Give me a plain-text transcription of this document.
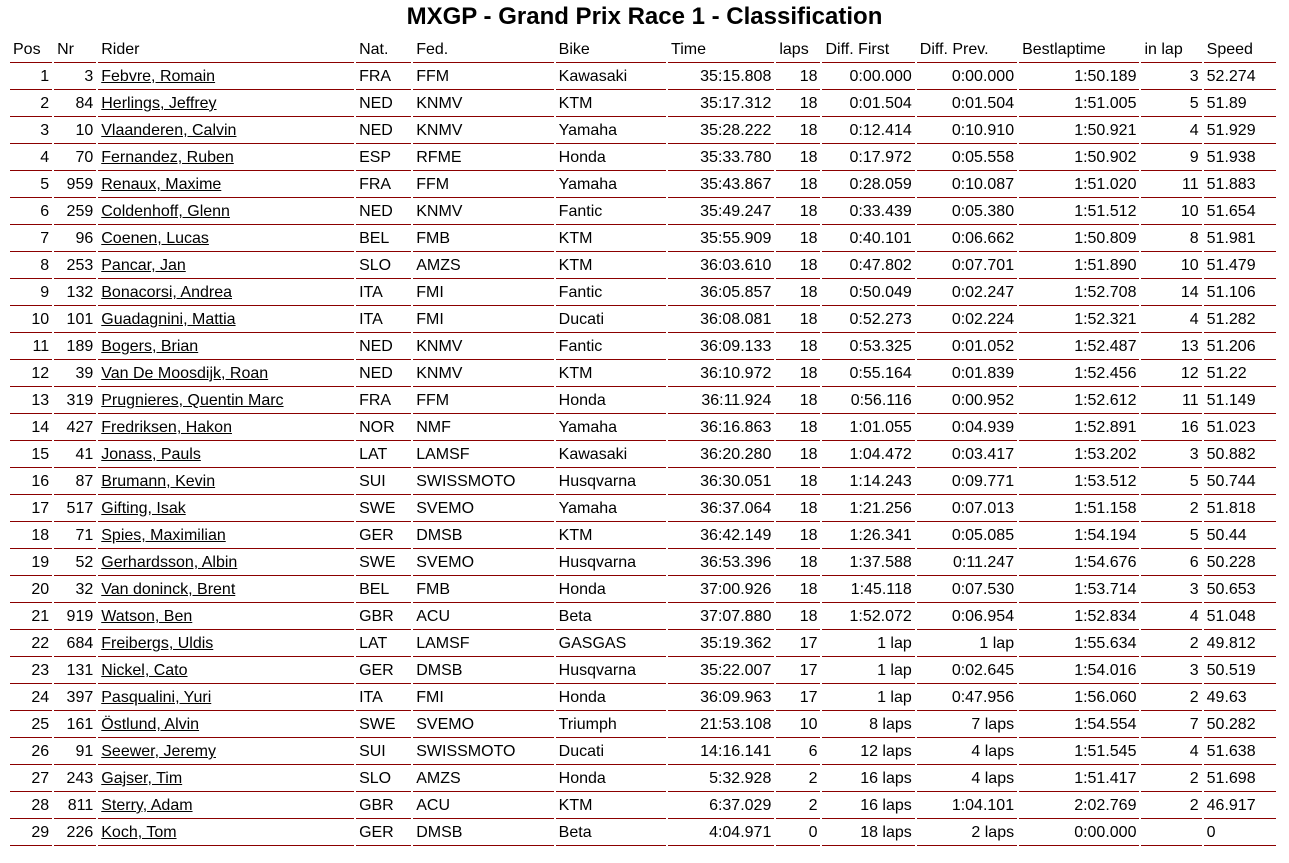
MXGP - Grand Prix Race 1 - Classification
Pos	Nr	Rider	Nat.	Fed.	Bike	Time	laps	Diff. First	Diff. Prev.	Bestlaptime	in lap	Speed
1	3	Febvre, Romain	FRA	FFM	Kawasaki	35:15.808	18	0:00.000	0:00.000	1:50.189	3	52.274
2	84	Herlings, Jeffrey	NED	KNMV	KTM	35:17.312	18	0:01.504	0:01.504	1:51.005	5	51.89
3	10	Vlaanderen, Calvin	NED	KNMV	Yamaha	35:28.222	18	0:12.414	0:10.910	1:50.921	4	51.929
4	70	Fernandez, Ruben	ESP	RFME	Honda	35:33.780	18	0:17.972	0:05.558	1:50.902	9	51.938
5	959	Renaux, Maxime	FRA	FFM	Yamaha	35:43.867	18	0:28.059	0:10.087	1:51.020	11	51.883
6	259	Coldenhoff, Glenn	NED	KNMV	Fantic	35:49.247	18	0:33.439	0:05.380	1:51.512	10	51.654
7	96	Coenen, Lucas	BEL	FMB	KTM	35:55.909	18	0:40.101	0:06.662	1:50.809	8	51.981
8	253	Pancar, Jan	SLO	AMZS	KTM	36:03.610	18	0:47.802	0:07.701	1:51.890	10	51.479
9	132	Bonacorsi, Andrea	ITA	FMI	Fantic	36:05.857	18	0:50.049	0:02.247	1:52.708	14	51.106
10	101	Guadagnini, Mattia	ITA	FMI	Ducati	36:08.081	18	0:52.273	0:02.224	1:52.321	4	51.282
11	189	Bogers, Brian	NED	KNMV	Fantic	36:09.133	18	0:53.325	0:01.052	1:52.487	13	51.206
12	39	Van De Moosdijk, Roan	NED	KNMV	KTM	36:10.972	18	0:55.164	0:01.839	1:52.456	12	51.22
13	319	Prugnieres, Quentin Marc	FRA	FFM	Honda	36:11.924	18	0:56.116	0:00.952	1:52.612	11	51.149
14	427	Fredriksen, Hakon	NOR	NMF	Yamaha	36:16.863	18	1:01.055	0:04.939	1:52.891	16	51.023
15	41	Jonass, Pauls	LAT	LAMSF	Kawasaki	36:20.280	18	1:04.472	0:03.417	1:53.202	3	50.882
16	87	Brumann, Kevin	SUI	SWISSMOTO	Husqvarna	36:30.051	18	1:14.243	0:09.771	1:53.512	5	50.744
17	517	Gifting, Isak	SWE	SVEMO	Yamaha	36:37.064	18	1:21.256	0:07.013	1:51.158	2	51.818
18	71	Spies, Maximilian	GER	DMSB	KTM	36:42.149	18	1:26.341	0:05.085	1:54.194	5	50.44
19	52	Gerhardsson, Albin	SWE	SVEMO	Husqvarna	36:53.396	18	1:37.588	0:11.247	1:54.676	6	50.228
20	32	Van doninck, Brent	BEL	FMB	Honda	37:00.926	18	1:45.118	0:07.530	1:53.714	3	50.653
21	919	Watson, Ben	GBR	ACU	Beta	37:07.880	18	1:52.072	0:06.954	1:52.834	4	51.048
22	684	Freibergs, Uldis	LAT	LAMSF	GASGAS	35:19.362	17	1 lap	1 lap	1:55.634	2	49.812
23	131	Nickel, Cato	GER	DMSB	Husqvarna	35:22.007	17	1 lap	0:02.645	1:54.016	3	50.519
24	397	Pasqualini, Yuri	ITA	FMI	Honda	36:09.963	17	1 lap	0:47.956	1:56.060	2	49.63
25	161	Östlund, Alvin	SWE	SVEMO	Triumph	21:53.108	10	8 laps	7 laps	1:54.554	7	50.282
26	91	Seewer, Jeremy	SUI	SWISSMOTO	Ducati	14:16.141	6	12 laps	4 laps	1:51.545	4	51.638
27	243	Gajser, Tim	SLO	AMZS	Honda	5:32.928	2	16 laps	4 laps	1:51.417	2	51.698
28	811	Sterry, Adam	GBR	ACU	KTM	6:37.029	2	16 laps	1:04.101	2:02.769	2	46.917
29	226	Koch, Tom	GER	DMSB	Beta	4:04.971	0	18 laps	2 laps	0:00.000		0
